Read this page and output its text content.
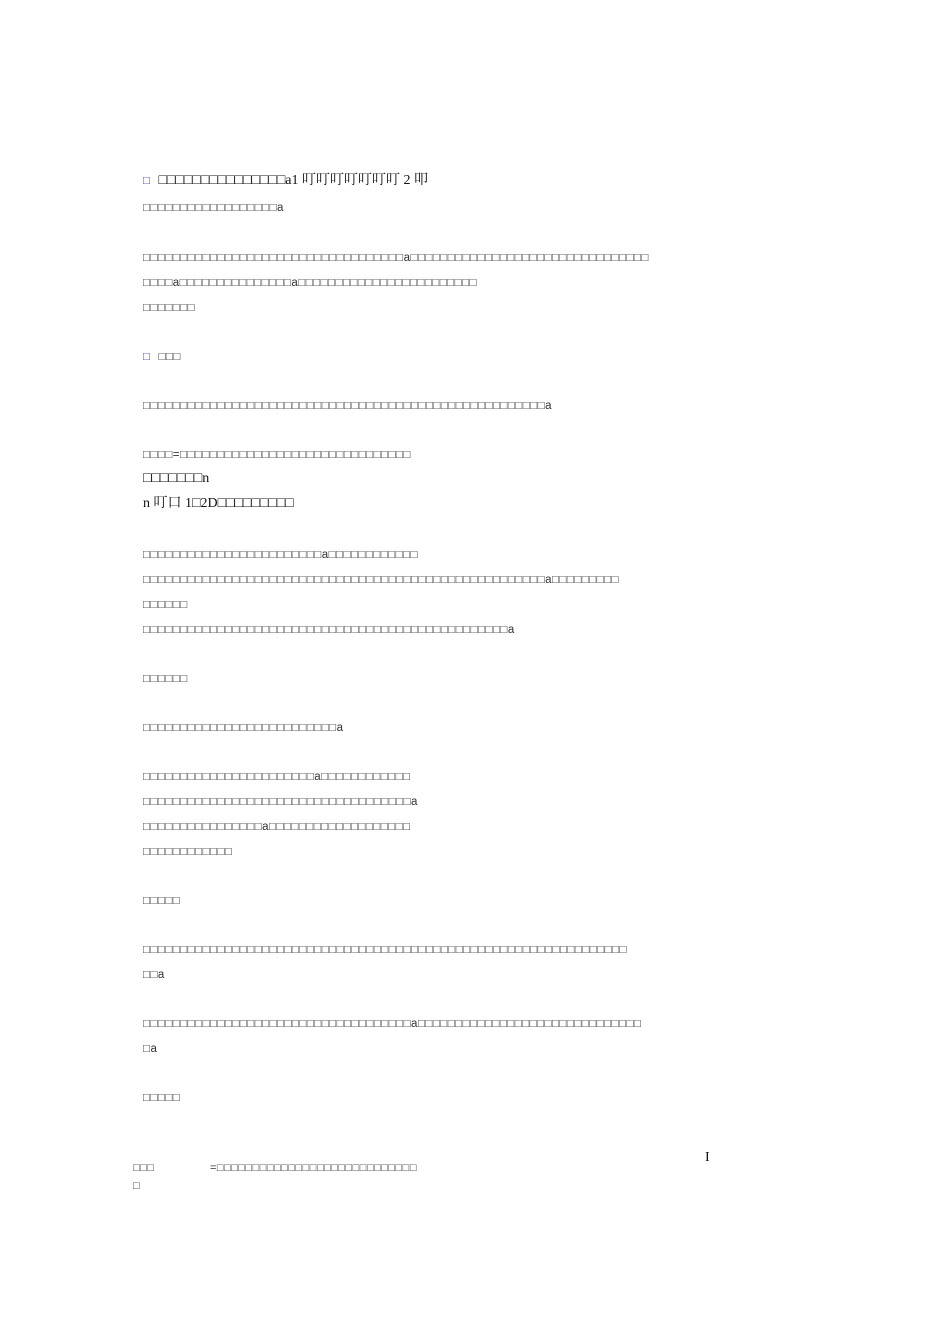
□ □□□□□□□□□□□□□□□a1 叮叮叮叮叮叮叮 2 叩
□□□□□□□□□□□□□□□□□□a
□□□□□□□□□□□□□□□□□□□□□□□□□□□□□□□□□□□a□□□□□□□□□□□□□□□□□□□□□□□□□□□□□□□□
□□□□a□□□□□□□□□□□□□□□a□□□□□□□□□□□□□□□□□□□□□□□□
□□□□□□□
□ □□□
□□□□□□□□□□□□□□□□□□□□□□□□□□□□□□□□□□□□□□□□□□□□□□□□□□□□□□a
□□□□=□□□□□□□□□□□□□□□□□□□□□□□□□□□□□□□
□□□□□□□n
n 叮口 1□2D□□□□□□□□□
□□□□□□□□□□□□□□□□□□□□□□□□a□□□□□□□□□□□□
□□□□□□□□□□□□□□□□□□□□□□□□□□□□□□□□□□□□□□□□□□□□□□□□□□□□□□a□□□□□□□□□
□□□□□□
□□□□□□□□□□□□□□□□□□□□□□□□□□□□□□□□□□□□□□□□□□□□□□□□□a
□□□□□□
□□□□□□□□□□□□□□□□□□□□□□□□□□a
□□□□□□□□□□□□□□□□□□□□□□□a□□□□□□□□□□□□
□□□□□□□□□□□□□□□□□□□□□□□□□□□□□□□□□□□□a
□□□□□□□□□□□□□□□□a□□□□□□□□□□□□□□□□□□□
□□□□□□□□□□□□
□□□□□
□□□□□□□□□□□□□□□□□□□□□□□□□□□□□□□□□□□□□□□□□□□□□□□□□□□□□□□□□□□□□□□□□
□□a
□□□□□□□□□□□□□□□□□□□□□□□□□□□□□□□□□□□□a□□□□□□□□□□□□□□□□□□□□□□□□□□□□□□
□a
□□□□□
□□□	=□□□□□□□□□□□□□□□□□□□□□□□□□□□□
□
I
